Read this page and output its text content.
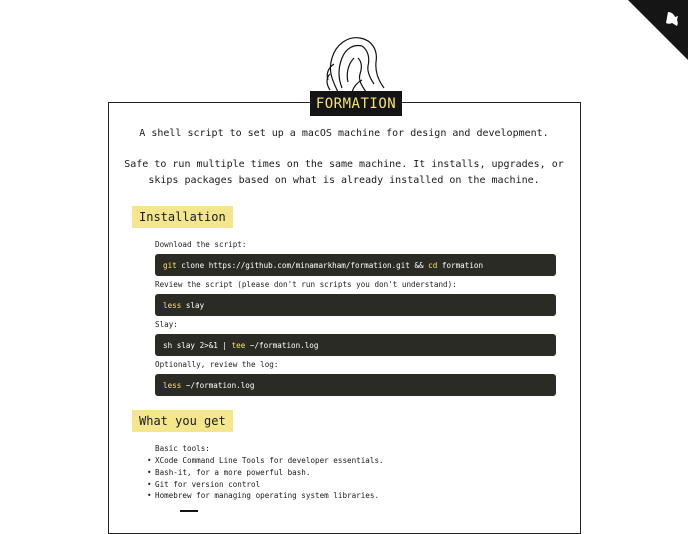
FORMATION
A shell script to set up a macOS machine for design and development.
Safe to run multiple times on the same machine. It installs, upgrades, or
skips packages based on what is already installed on the machine.
Installation
Download the script:
git clone https://github.com/minamarkham/formation.git && cd formation
Review the script (please don't run scripts you don't understand):
less slay
Slay:
sh slay 2>&1 | tee ~/formation.log
Optionally, review the log:
less ~/formation.log
What you get
Basic tools:
• XCode Command Line Tools for developer essentials.
• Bash-it, for a more powerful bash.
• Git for version control
• Homebrew for managing operating system libraries.
